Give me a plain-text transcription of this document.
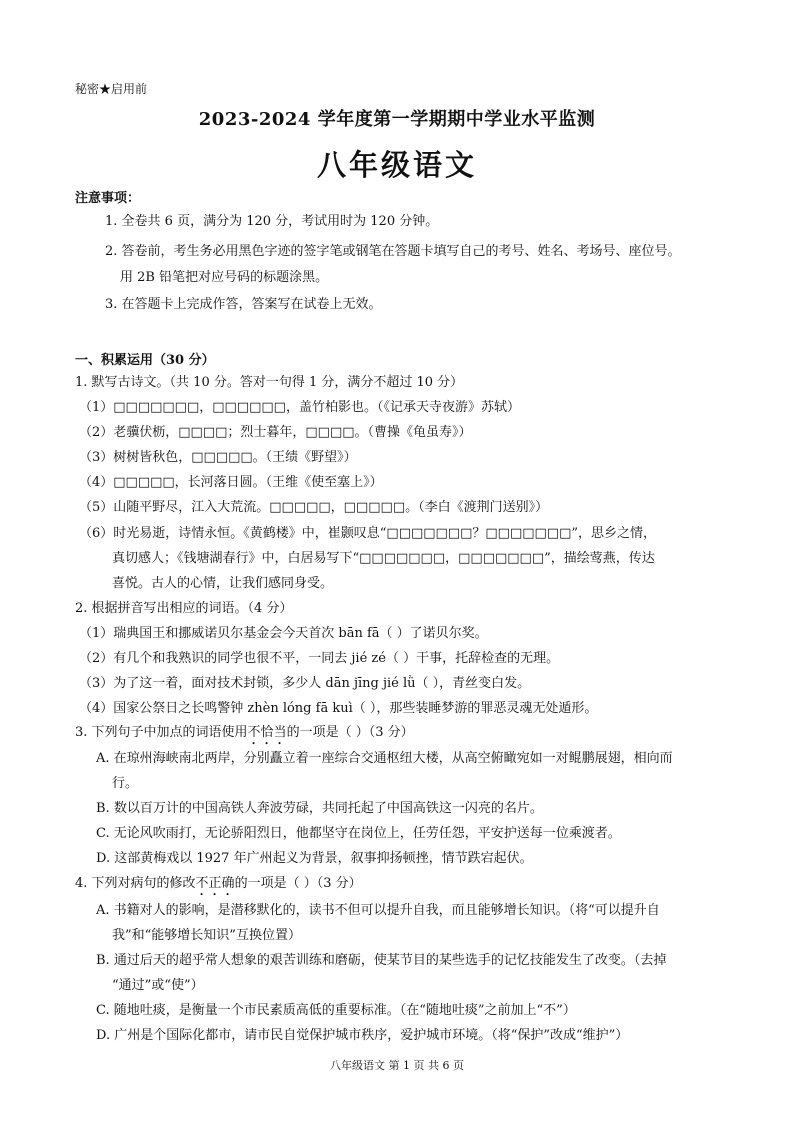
秘密★启用前
2023-2024 学年度第一学期期中学业水平监测
八年级语文
注意事项：
1. 全卷共 6 页，满分为 120 分，考试用时为 120 分钟。
2. 答卷前，考生务必用黑色字迹的签字笔或钢笔在答题卡填写自己的考号、姓名、考场号、座位号。
用 2B 铅笔把对应号码的标题涂黑。
3. 在答题卡上完成作答，答案写在试卷上无效。
一、积累运用（30 分）
1. 默写古诗文。（共 10 分。答对一句得 1 分，满分不超过 10 分）
（1）□□□□□□□，□□□□□□，盖竹柏影也。（《记承天寺夜游》苏轼）
（2）老骥伏枥，□□□□；烈士暮年，□□□□。（曹操《龟虽寿》）
（3）树树皆秋色，□□□□□。（王绩《野望》）
（4）□□□□□，长河落日圆。（王维《使至塞上》）
（5）山随平野尽，江入大荒流。□□□□□，□□□□□。（李白《渡荆门送别》）
（6）时光易逝，诗情永恒。《黄鹤楼》中，崔颢叹息“□□□□□□□？□□□□□□□”，思乡之情，
真切感人；《钱塘湖春行》中，白居易写下“□□□□□□□，□□□□□□□”，描绘莺燕，传达
喜悦。古人的心情，让我们感同身受。
2. 根据拼音写出相应的词语。（4 分）
（1）瑞典国王和挪威诺贝尔基金会今天首次 bān fā（ ）了诺贝尔奖。
（2）有几个和我熟识的同学也很不平，一同去 jié zé（ ）干事，托辞检查的无理。
（3）为了这一着，面对技术封锁，多少人 dān jīng jié lǜ（ ），青丝变白发。
（4）国家公祭日之长鸣警钟 zhèn lóng fā kuì（ ），那些装睡梦游的罪恶灵魂无处遁形。
3. 下列句子中加点的词语使用不恰当的一项是（ ）（3 分）
A. 在琼州海峡南北两岸，分别矗立着一座综合交通枢纽大楼，从高空俯瞰宛如一对鲲鹏展翅，相向而
行。
B. 数以百万计的中国高铁人奔波劳碌，共同托起了中国高铁这一闪亮的名片。
C. 无论风吹雨打，无论骄阳烈日，他都坚守在岗位上，任劳任怨，平安护送每一位乘渡者。
D. 这部黄梅戏以 1927 年广州起义为背景，叙事抑扬顿挫，情节跌宕起伏。
4. 下列对病句的修改不正确的一项是（ ）（3 分）
A. 书籍对人的影响，是潜移默化的，读书不但可以提升自我，而且能够增长知识。（将“可以提升自
我”和“能够增长知识”互换位置）
B. 通过后天的超乎常人想象的艰苦训练和磨砺，使某节目的某些选手的记忆技能发生了改变。（去掉
“通过”或“使”）
C. 随地吐痰，是衡量一个市民素质高低的重要标准。（在“随地吐痰”之前加上“不”）
D. 广州是个国际化都市，请市民自觉保护城市秩序，爱护城市环境。（将“保护”改成“维护”）
八年级语文 第 1 页 共 6 页
